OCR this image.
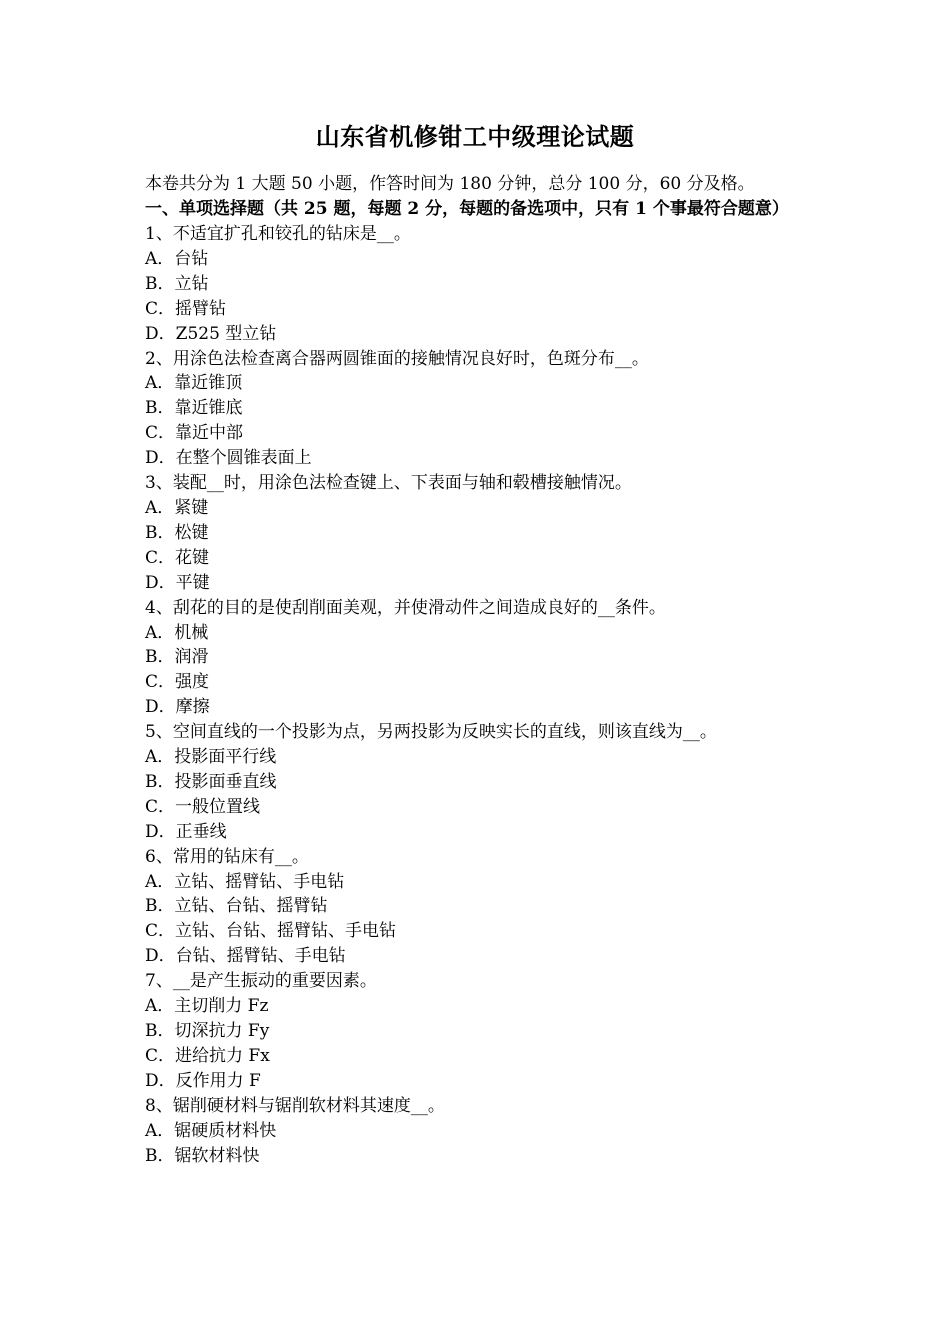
山东省机修钳工中级理论试题
本卷共分为 1 大题 50 小题，作答时间为 180 分钟，总分 100 分，60 分及格。
一、单项选择题（共 25 题，每题 2 分，每题的备选项中，只有 1 个事最符合题意）
1、不适宜扩孔和铰孔的钻床是__。
A．台钻
B．立钻
C．摇臂钻
D．Z525 型立钻
2、用涂色法检查离合器两圆锥面的接触情况良好时，色斑分布__。
A．靠近锥顶
B．靠近锥底
C．靠近中部
D．在整个圆锥表面上
3、装配__时，用涂色法检查键上、下表面与轴和毂槽接触情况。
A．紧键
B．松键
C．花键
D．平键
4、刮花的目的是使刮削面美观，并使滑动件之间造成良好的__条件。
A．机械
B．润滑
C．强度
D．摩擦
5、空间直线的一个投影为点，另两投影为反映实长的直线，则该直线为__。
A．投影面平行线
B．投影面垂直线
C．一般位置线
D．正垂线
6、常用的钻床有__。
A．立钻、摇臂钻、手电钻
B．立钻、台钻、摇臂钻
C．立钻、台钻、摇臂钻、手电钻
D．台钻、摇臂钻、手电钻
7、__是产生振动的重要因素。
A．主切削力 Fz
B．切深抗力 Fy
C．进给抗力 Fx
D．反作用力 F
8、锯削硬材料与锯削软材料其速度__。
A．锯硬质材料快
B．锯软材料快
